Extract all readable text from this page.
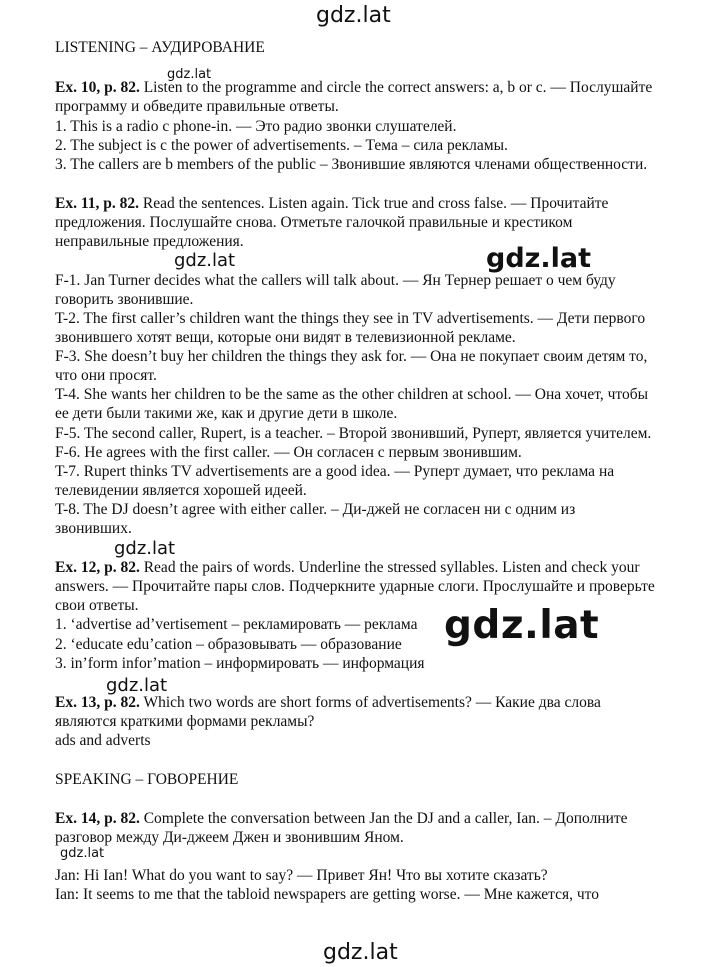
gdz.lat
LISTENING – АУДИРОВАНИЕ
Ex. 10, p. 82. Listen to the programme and circle the correct answers: a, b or c. — Послушайте
gdz.lat
программу и обведите правильные ответы.
1. This is a radio c phone-in. — Это радио звонки слушателей.
2. The subject is c the power of advertisements. – Тема – сила рекламы.
3. The callers are b members of the public – Звонившие являются членами общественности.
Ex. 11, p. 82. Read the sentences. Listen again. Tick true and cross false. — Прочитайте
предложения. Послушайте снова. Отметьте галочкой правильные и крестиком
неправильные предложения.
gdz.lat	gdz.lat
F-1. Jan Turner decides what the callers will talk about. — Ян Тернер решает о чем буду
говорить звонившие.
T-2. The first caller’s children want the things they see in TV advertisements. — Дети первого
звонившего хотят вещи, которые они видят в телевизионной рекламе.
F-3. She doesn’t buy her children the things they ask for. — Она не покупает своим детям то,
что они просят.
T-4. She wants her children to be the same as the other children at school. — Она хочет, чтобы
ее дети были такими же, как и другие дети в школе.
F-5. The second caller, Rupert, is a teacher. – Второй звонивший, Руперт, является учителем.
F-6. He agrees with the first caller. — Он согласен с первым звонившим.
T-7. Rupert thinks TV advertisements are a good idea. — Руперт думает, что реклама на
телевидении является хорошей идеей.
T-8. The DJ doesn’t agree with either caller. – Ди-джей не согласен ни с одним из
звонивших.
gdz.lat
Ex. 12, p. 82. Read the pairs of words. Underline the stressed syllables. Listen and check your
answers. — Прочитайте пары слов. Подчеркните ударные слоги. Прослушайте и проверьте
свои ответы.
1. ‘advertise ad’vertisement – рекламировать — реклама
2. ‘educate edu’cation – образовывать — образование
3. in’form infor’mation – информировать — информация
gdz.lat
gdz.lat
Ex. 13, p. 82. Which two words are short forms of advertisements? — Какие два слова
являются краткими формами рекламы?
ads and adverts
SPEAKING – ГОВОРЕНИЕ
Ex. 14, p. 82. Complete the conversation between Jan the DJ and a caller, Ian. – Дополните
разговор между Ди-джеем Джен и звонившим Яном.
gdz.lat
Jan: Hi Ian! What do you want to say? — Привет Ян! Что вы хотите сказать?
Ian: It seems to me that the tabloid newspapers are getting worse. — Мне кажется, что
gdz.lat
